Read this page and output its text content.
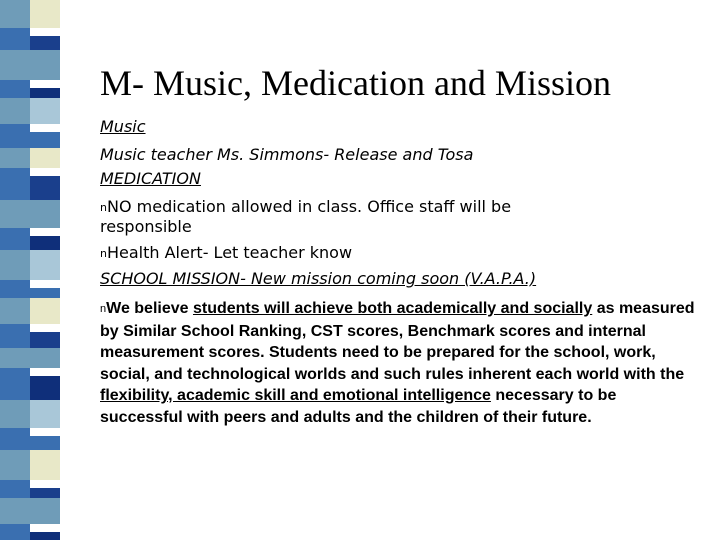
M- Music, Medication and Mission
Music
Music teacher Ms. Simmons- Release and Tosa
MEDICATION
nNO medication allowed in class. Office staff will be
responsible
nHealth Alert- Let teacher know
SCHOOL MISSION- New mission coming soon (V.A.P.A.)
nWe believe students will achieve both academically and socially as measured by Similar School Ranking, CST scores, Benchmark scores and internal measurement scores. Students need to be prepared for the school, work, social, and technological worlds and such rules inherent each world with the flexibility, academic skill and emotional intelligence necessary to be successful with peers and adults and the children of their future.
